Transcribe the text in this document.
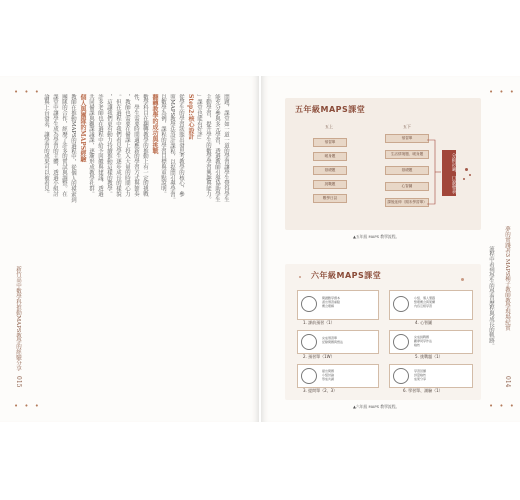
• • •
• • •
問題，課堂如一道一道的學習讓學生覺得學生
能充分參與多元學習，透過教師引導協助學生
主動學習，提升學生的數學學習興趣與能力。
」課堂也能有好評」
Step2:核心設計
從學生的學習狀態出發思考教學的核心，參
照MAPS教學法設計課程，以提問引導學習。
以數學為例，課程的學習目標與重點說明。
翻轉教學的成功與挑戰
數學科目在翻轉教學的推動上有一定的挑戰
性，學生需要時間適應新的學習方式與節奏
，教師也需要在備課上投入大量的時間心力
。但在過程中我們看見學生逐步成長的樣貌
，這讓我們更有動力持續推動這樣的教學。
許多老師也在過程中給予回饋與建議，透過
共同備課與觀課議課，逐漸形成教學社群。
個人與團隊的MAPS經驗
教師在推動MAPS的過程中，從個人的摸索到
團隊的合作，經歷了許多的嘗試與調整。在
課堂中讓學生成為學習的主體，透過小組討
論與上台發表，讓學習的成果可以被看見。
新竹高中數學科推動MAPS教學的經驗分享
015
• • •
• • •
五年級MAPS課堂
五上	五下
預習單
暖身題
基礎題
挑戰題
數學日誌
預習單
生活情境題、暖身題
基礎題
心智圖
課後延伸（期末學習單）
分組討論、口說發表
▲五年級 MAPS 教學流程。
六年級MAPS課堂
閱讀數學課本
畫出預習重點
概念理解
1. 課前預習（1）
完成預習單
記錄問題與想法
2. 預習單（1W）
提出問題
小組討論
形成共識
3. 提問單（2、3）
小組、個人製圖
整理概念與架構
內容互相學習
4. 心智圖
完成挑戰題
觀摩同學作法
檢核
5. 挑戰題（1）
學習回饋
評量檢核
成果分享
6. 學習單、測驗（1）
▲六年級 MAPS 教學流程。
流程中看到學生的學習歷程與成長的軌跡。 夢的實踐者3 MAPS種子教師教學現場紀實
014
